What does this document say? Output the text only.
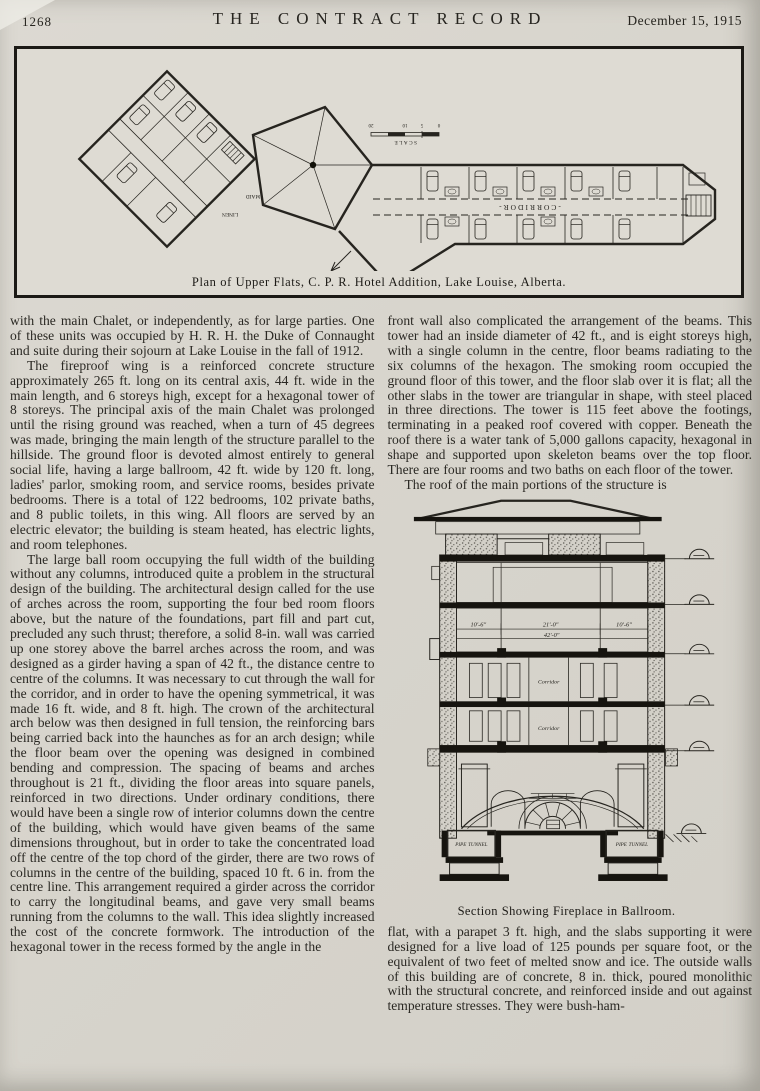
1268	THE CONTRACT RECORD	December 15, 1915
-CORRIDOR-
MAID
LINEN
SCALE
0
5
10
20

Plan of Upper Flats, C. P. R. Hotel Addition, Lake Louise, Alberta.

with the main Chalet, or independently, as for large parties. One of these units was occupied by H. R. H. the Duke of Connaught and suite during their sojourn at Lake Louise in the fall of 1912.

The fireproof wing is a reinforced concrete structure approximately 265 ft. long on its central axis, 44 ft. wide in the main length, and 6 storeys high, except for a hexagonal tower of 8 storeys. The principal axis of the main Chalet was prolonged until the rising ground was reached, when a turn of 45 degrees was made, bringing the main length of the structure parallel to the hillside. The ground floor is devoted almost entirely to general social life, having a large ballroom, 42 ft. wide by 120 ft. long, ladies' parlor, smoking room, and service rooms, besides private bedrooms. There is a total of 122 bedrooms, 102 private baths, and 8 public toilets, in this wing. All floors are served by an electric elevator; the building is steam heated, has electric lights, and room telephones.

The large ball room occupying the full width of the building without any columns, introduced quite a problem in the structural design of the building. The architectural design called for the use of arches across the room, supporting the four bed room floors above, but the nature of the foundations, part fill and part cut, precluded any such thrust; therefore, a solid 8-in. wall was carried up one storey above the barrel arches across the room, and was designed as a girder having a span of 42 ft., the distance centre to centre of the columns. It was necessary to cut through the wall for the corridor, and in order to have the opening symmetrical, it was made 16 ft. wide, and 8 ft. high. The crown of the architectural arch below was then designed in full tension, the reinforcing bars being carried back into the haunches as for an arch design; while the floor beam over the opening was designed in combined bending and compression. The spacing of beams and arches throughout is 21 ft., dividing the floor areas into square panels, reinforced in two directions. Under ordinary conditions, there would have been a single row of interior columns down the centre of the building, which would have given beams of the same dimensions throughout, but in order to take the concentrated load off the centre of the top chord of the girder, there are two rows of columns in the centre of the building, spaced 10 ft. 6 in. from the centre line. This arrangement required a girder across the corridor to carry the longitudinal beams, and gave very small beams running from the columns to the wall. This idea slightly increased the cost of the concrete formwork. The introduction of the hexagonal tower in the recess formed by the angle in the

front wall also complicated the arrangement of the beams. This tower had an inside diameter of 42 ft., and is eight storeys high, with a single column in the centre, floor beams radiating to the six columns of the hexagon. The smoking room occupied the ground floor of this tower, and the floor slab over it is flat; all the other slabs in the tower are triangular in shape, with steel placed in three directions. The tower is 115 feet above the footings, terminating in a peaked roof covered with copper. Beneath the roof there is a water tank of 5,000 gallons capacity, hexagonal in shape and supported upon skeleton beams over the top floor. There are four rooms and two baths on each floor of the tower.

The roof of the main portions of the structure is

10'-6"	21'-0"	10'-6"
42'-0"
Corridor
Corridor
PIPE TUNNEL	PIPE TUNNEL

Section Showing Fireplace in Ballroom.

flat, with a parapet 3 ft. high, and the slabs supporting it were designed for a live load of 125 pounds per square foot, or the equivalent of two feet of melted snow and ice. The outside walls of this building are of concrete, 8 in. thick, poured monolithic with the structural concrete, and reinforced inside and out against temperature stresses. They were bush-ham-
